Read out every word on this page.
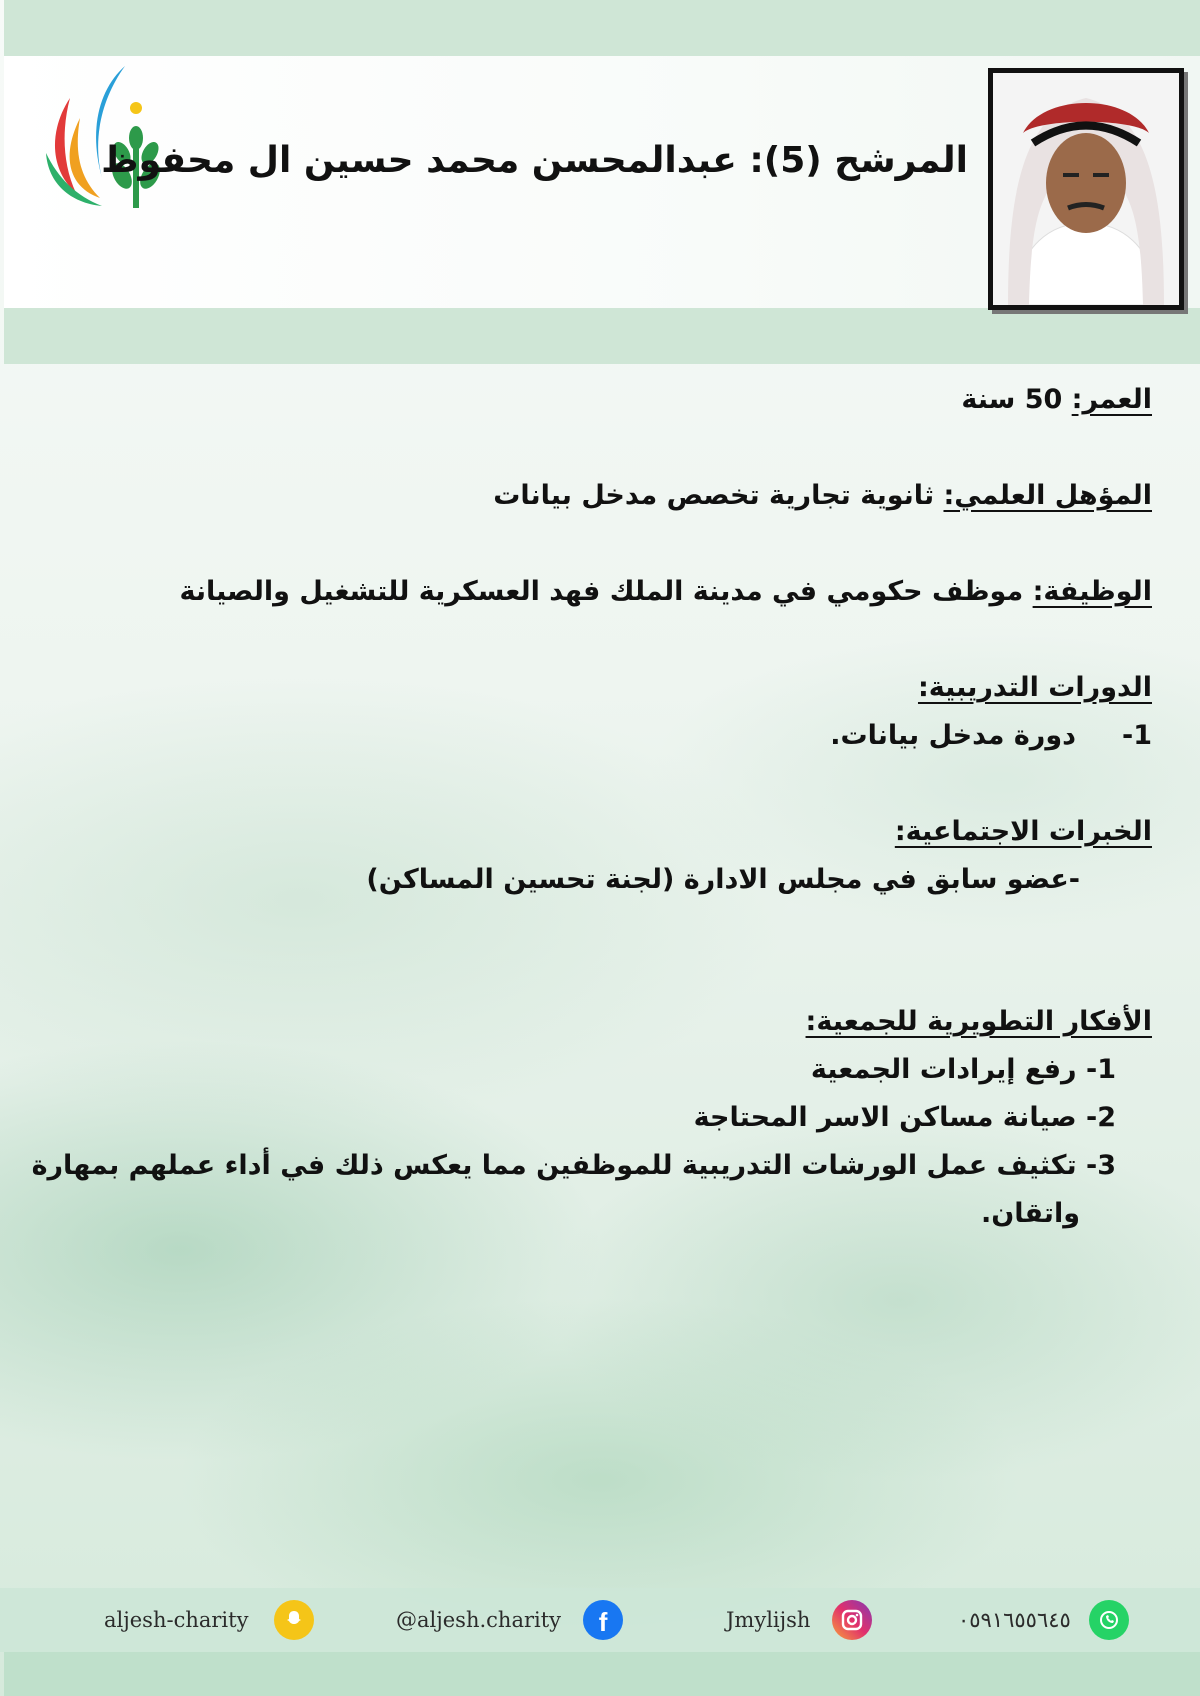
المرشح (5): عبدالمحسن محمد حسين ال محفوظ
العمر: 50 سنة
المؤهل العلمي: ثانوية تجارية تخصص مدخل بيانات
الوظيفة: موظف حكومي في مدينة الملك فهد العسكرية للتشغيل والصيانة
الدورات التدريبية:
1-دورة مدخل بيانات.
الخبرات الاجتماعية:
-عضو سابق في مجلس الادارة (لجنة تحسين المساكن)
الأفكار التطويرية للجمعية:
1- رفع إيرادات الجمعية
2- صيانة مساكن الاسر المحتاجة
3- تكثيف عمل الورشات التدريبية للموظفين مما يعكس ذلك في أداء عملهم بمهارة
واتقان.
aljesh-charity	@aljesh.charity f	Jmylijsh	٠٥٩١٦٥٥٦٤٥
